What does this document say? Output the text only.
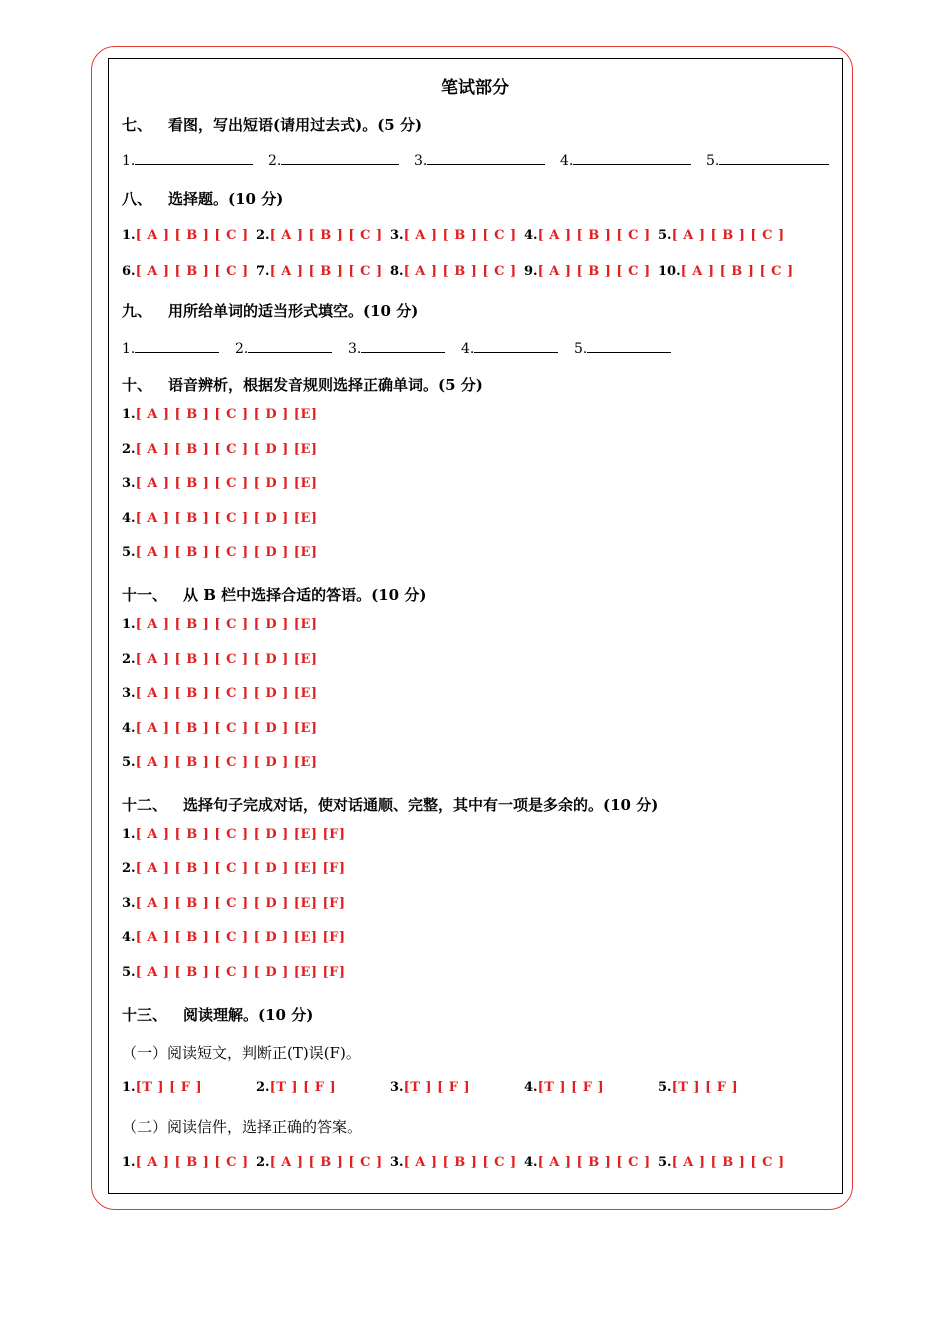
笔试部分
七、 看图，写出短语(请用过去式)。(5 分)
1.	2.	3.	4.	5.
八、 选择题。(10 分)
1.[ A ] [ B ] [ C ] 2.[ A ] [ B ] [ C ] 3.[ A ] [ B ] [ C ] 4.[ A ] [ B ] [ C ] 5.[ A ] [ B ] [ C ]
6.[ A ] [ B ] [ C ] 7.[ A ] [ B ] [ C ] 8.[ A ] [ B ] [ C ] 9.[ A ] [ B ] [ C ] 10.[ A ] [ B ] [ C ]
九、 用所给单词的适当形式填空。(10 分)
1.	2.	3.	4.	5.
十、 语音辨析，根据发音规则选择正确单词。(5 分)
1.[ A ] [ B ] [ C ] [ D ] [E]
2.[ A ] [ B ] [ C ] [ D ] [E]
3.[ A ] [ B ] [ C ] [ D ] [E]
4.[ A ] [ B ] [ C ] [ D ] [E]
5.[ A ] [ B ] [ C ] [ D ] [E]
十一、 从 B 栏中选择合适的答语。(10 分)
1.[ A ] [ B ] [ C ] [ D ] [E]
2.[ A ] [ B ] [ C ] [ D ] [E]
3.[ A ] [ B ] [ C ] [ D ] [E]
4.[ A ] [ B ] [ C ] [ D ] [E]
5.[ A ] [ B ] [ C ] [ D ] [E]
十二、 选择句子完成对话，使对话通顺、完整，其中有一项是多余的。(10 分)
1.[ A ] [ B ] [ C ] [ D ] [E] [F]
2.[ A ] [ B ] [ C ] [ D ] [E] [F]
3.[ A ] [ B ] [ C ] [ D ] [E] [F]
4.[ A ] [ B ] [ C ] [ D ] [E] [F]
5.[ A ] [ B ] [ C ] [ D ] [E] [F]
十三、 阅读理解。(10 分)
（一）阅读短文，判断正(T)误(F)。
1.[T ] [ F ]	2.[T ] [ F ]	3.[T ] [ F ]	4.[T ] [ F ]	5.[T ] [ F ]
（二）阅读信件，选择正确的答案。
1.[ A ] [ B ] [ C ] 2.[ A ] [ B ] [ C ] 3.[ A ] [ B ] [ C ] 4.[ A ] [ B ] [ C ] 5.[ A ] [ B ] [ C ]
